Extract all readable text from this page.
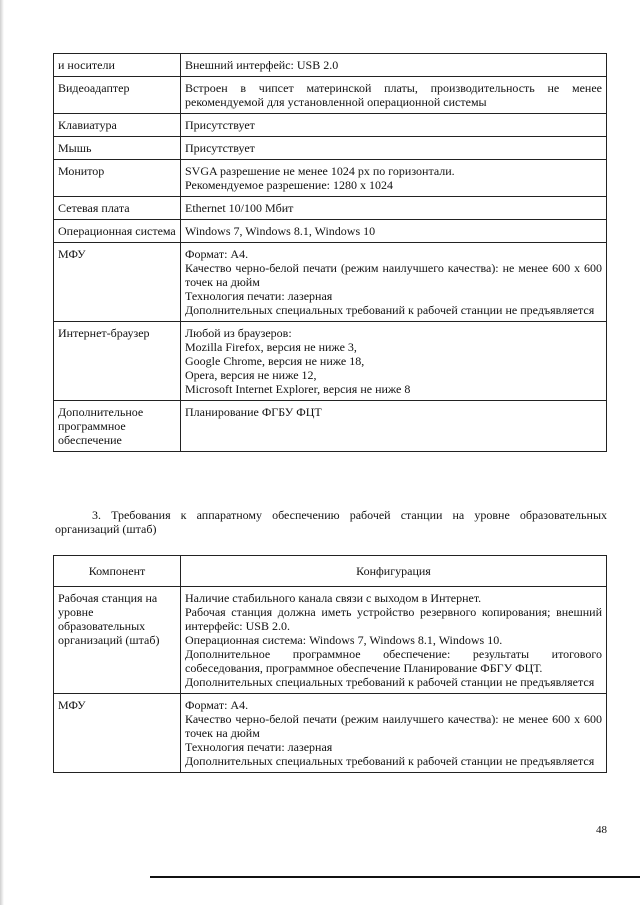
и носители	Внешний интерфейс: USB 2.0

Видеоадаптер	Встроен в чипсет материнской платы, производительность не менее рекомендуемой для установленной операционной системы

Клавиатура	Присутствует

Мышь	Присутствует

Монитор	SVGA разрешение не менее 1024 px по горизонтали.
Рекомендуемое разрешение: 1280 х 1024

Сетевая плата	Ethernet 10/100 Мбит

Операционная система	Windows 7, Windows 8.1, Windows 10

МФУ	Формат: А4.
Качество черно-белой печати (режим наилучшего качества): не менее 600 х 600 точек на дюйм
Технология печати: лазерная
Дополнительных специальных требований к рабочей станции не предъявляется

Интернет-браузер	Любой из браузеров:
Mozilla Firefox, версия не ниже 3,
Google Chrome, версия не ниже 18,
Opera, версия не ниже 12,
Microsoft Internet Explorer, версия не ниже 8

Дополнительное программное обеспечение	Планирование ФГБУ ФЦТ

3. Требования к аппаратному обеспечению рабочей станции на уровне образовательных организаций (штаб)

Компонент	Конфигурация
Рабочая станция на уровне образовательных организаций (штаб)	Наличие стабильного канала связи с выходом в Интернет.
Рабочая станция должна иметь устройство резервного копирования; внешний интерфейс: USB 2.0.
Операционная система: Windows 7, Windows 8.1, Windows 10.
Дополнительное программное обеспечение: результаты итогового собеседования, программное обеспечение Планирование ФБГУ ФЦТ.
Дополнительных специальных требований к рабочей станции не предъявляется

МФУ	Формат: А4.
Качество черно-белой печати (режим наилучшего качества): не менее 600 х 600 точек на дюйм
Технология печати: лазерная
Дополнительных специальных требований к рабочей станции не предъявляется
48
